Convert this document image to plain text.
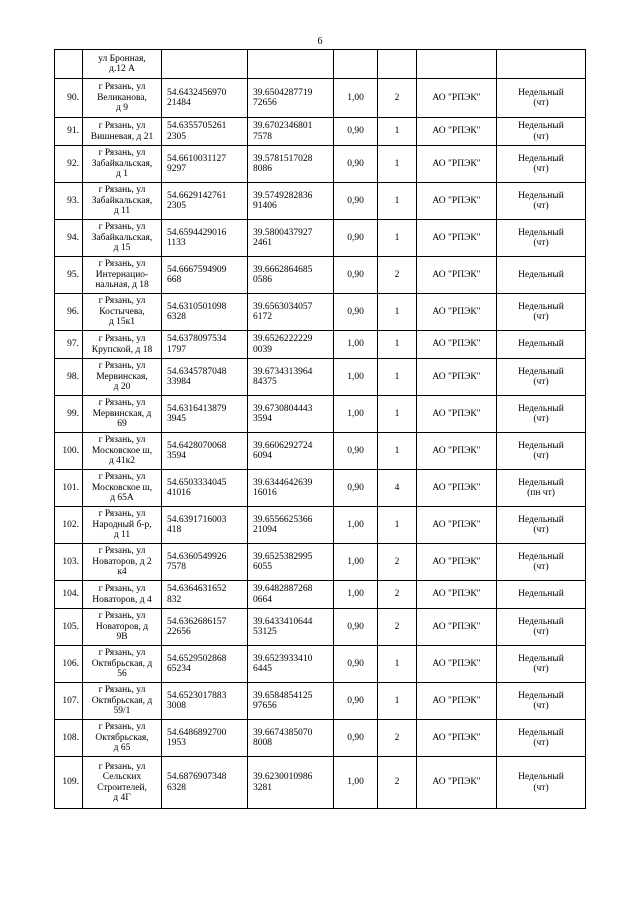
6
	ул Бронная,
д.12 А						
90.	г Рязань, ул
Великанова,
д 9	54.6432456970
21484	39.6504287719
72656	1,00	2	АО "РПЭК"	Недельный
(чт)
91.	г Рязань, ул
Вишневая, д 21	54.6355705261
2305	39.6702346801
7578	0,90	1	АО "РПЭК"	Недельный
(чт)
92.	г Рязань, ул
Забайкальская,
д 1	54.6610031127
9297	39.5781517028
8086	0,90	1	АО "РПЭК"	Недельный
(чт)
93.	г Рязань, ул
Забайкальская,
д 11	54.6629142761
2305	39.5749282836
91406	0,90	1	АО "РПЭК"	Недельный
(чт)
94.	г Рязань, ул
Забайкальская,
д 15	54.6594429016
1133	39.5800437927
2461	0,90	1	АО "РПЭК"	Недельный
(чт)
95.	г Рязань, ул
Интернацио-
нальная, д 18	54.6667594909
668	39.6662864685
0586	0,90	2	АО "РПЭК"	Недельный
96.	г Рязань, ул
Костычева,
д 15к1	54.6310501098
6328	39.6563034057
6172	0,90	1	АО "РПЭК"	Недельный
(чт)
97.	г Рязань, ул
Крупской, д 18	54.6378097534
1797	39.6526222229
0039	1,00	1	АО "РПЭК"	Недельный
98.	г Рязань, ул
Мервинская,
д 20	54.6345787048
33984	39.6734313964
84375	1,00	1	АО "РПЭК"	Недельный
(чт)
99.	г Рязань, ул
Мервинская, д
69	54.6316413879
3945	39.6730804443
3594	1,00	1	АО "РПЭК"	Недельный
(чт)
100.	г Рязань, ул
Московское ш,
д 41к2	54.6428070068
3594	39.6606292724
6094	0,90	1	АО "РПЭК"	Недельный
(чт)
101.	г Рязань, ул
Московское ш,
д 65А	54.6503334045
41016	39.6344642639
16016	0,90	4	АО "РПЭК"	Недельный
(пн чт)
102.	г Рязань, ул
Народный б-р,
д 11	54.6391716003
418	39.6556625366
21094	1,00	1	АО "РПЭК"	Недельный
(чт)
103.	г Рязань, ул
Новаторов, д 2
к4	54.6360549926
7578	39.6525382995
6055	1,00	2	АО "РПЭК"	Недельный
(чт)
104.	г Рязань, ул
Новаторов, д 4	54.6364631652
832	39.6482887268
0664	1,00	2	АО "РПЭК"	Недельный
105.	г Рязань, ул
Новаторов, д
9В	54.6362686157
22656	39.6433410644
53125	0,90	2	АО "РПЭК"	Недельный
(чт)
106.	г Рязань, ул
Октябрьская, д
56	54.6529502868
65234	39.6523933410
6445	0,90	1	АО "РПЭК"	Недельный
(чт)
107.	г Рязань, ул
Октябрьская, д
59/1	54.6523017883
3008	39.6584854125
97656	0,90	1	АО "РПЭК"	Недельный
(чт)
108.	г Рязань, ул
Октябрьская,
д 65	54.6486892700
1953	39.6674385070
8008	0,90	2	АО "РПЭК"	Недельный
(чт)
109.	г Рязань, ул
Сельских
Строителей,
д 4Г	54.6876907348
6328	39.6230010986
3281	1,00	2	АО "РПЭК"	Недельный
(чт)
